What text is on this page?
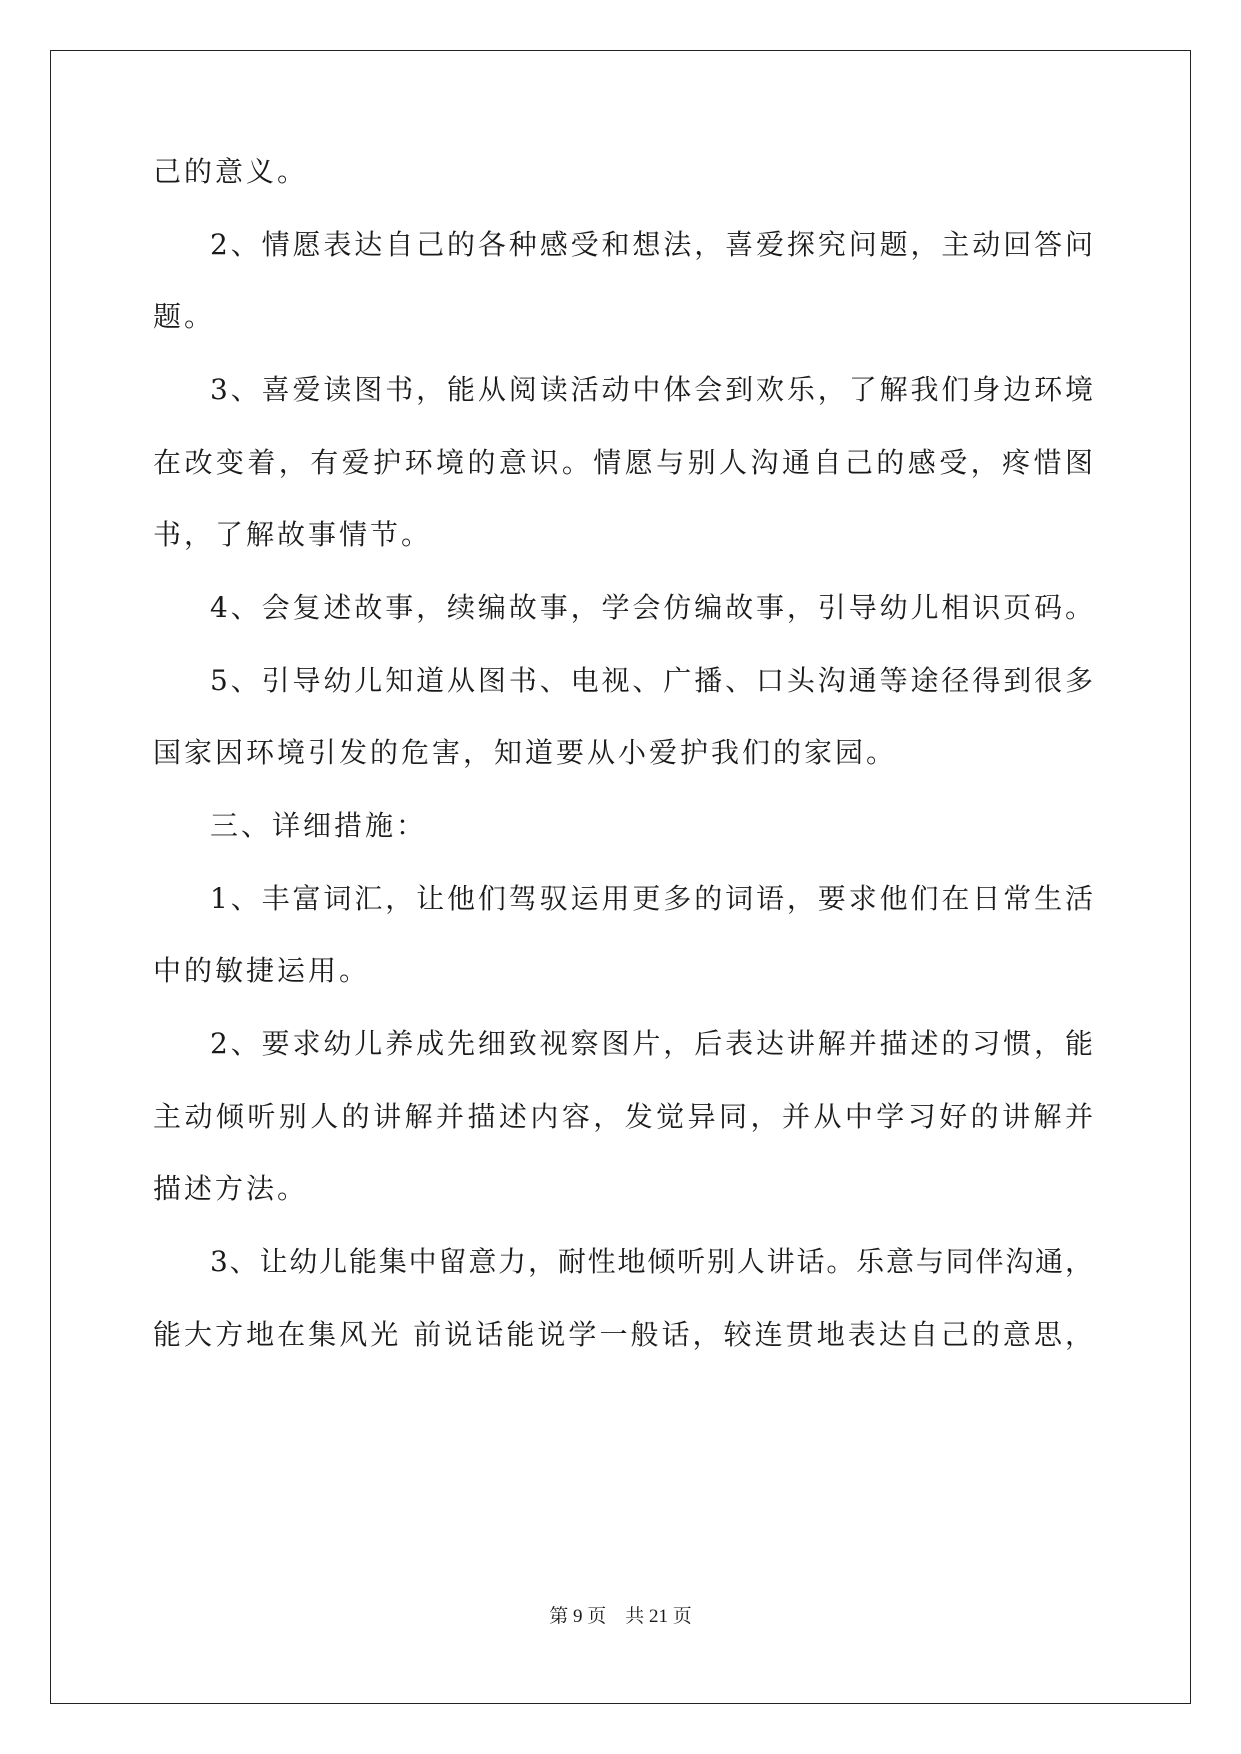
己的意义。
2、情愿表达自己的各种感受和想法，喜爱探究问题，主动回答问
题。
3、喜爱读图书，能从阅读活动中体会到欢乐，了解我们身边环境
在改变着，有爱护环境的意识。情愿与别人沟通自己的感受，疼惜图
书，了解故事情节。
4、会复述故事，续编故事，学会仿编故事，引导幼儿相识页码。
5、引导幼儿知道从图书、电视、广播、口头沟通等途径得到很多
国家因环境引发的危害，知道要从小爱护我们的家园。
三、详细措施：
1、丰富词汇，让他们驾驭运用更多的词语，要求他们在日常生活
中的敏捷运用。
2、要求幼儿养成先细致视察图片，后表达讲解并描述的习惯，能
主动倾听别人的讲解并描述内容，发觉异同，并从中学习好的讲解并
描述方法。
3、让幼儿能集中留意力，耐性地倾听别人讲话。乐意与同伴沟通，
能大方地在集风光 前说话能说学一般话，较连贯地表达自己的意思，
第 9 页    共 21 页
